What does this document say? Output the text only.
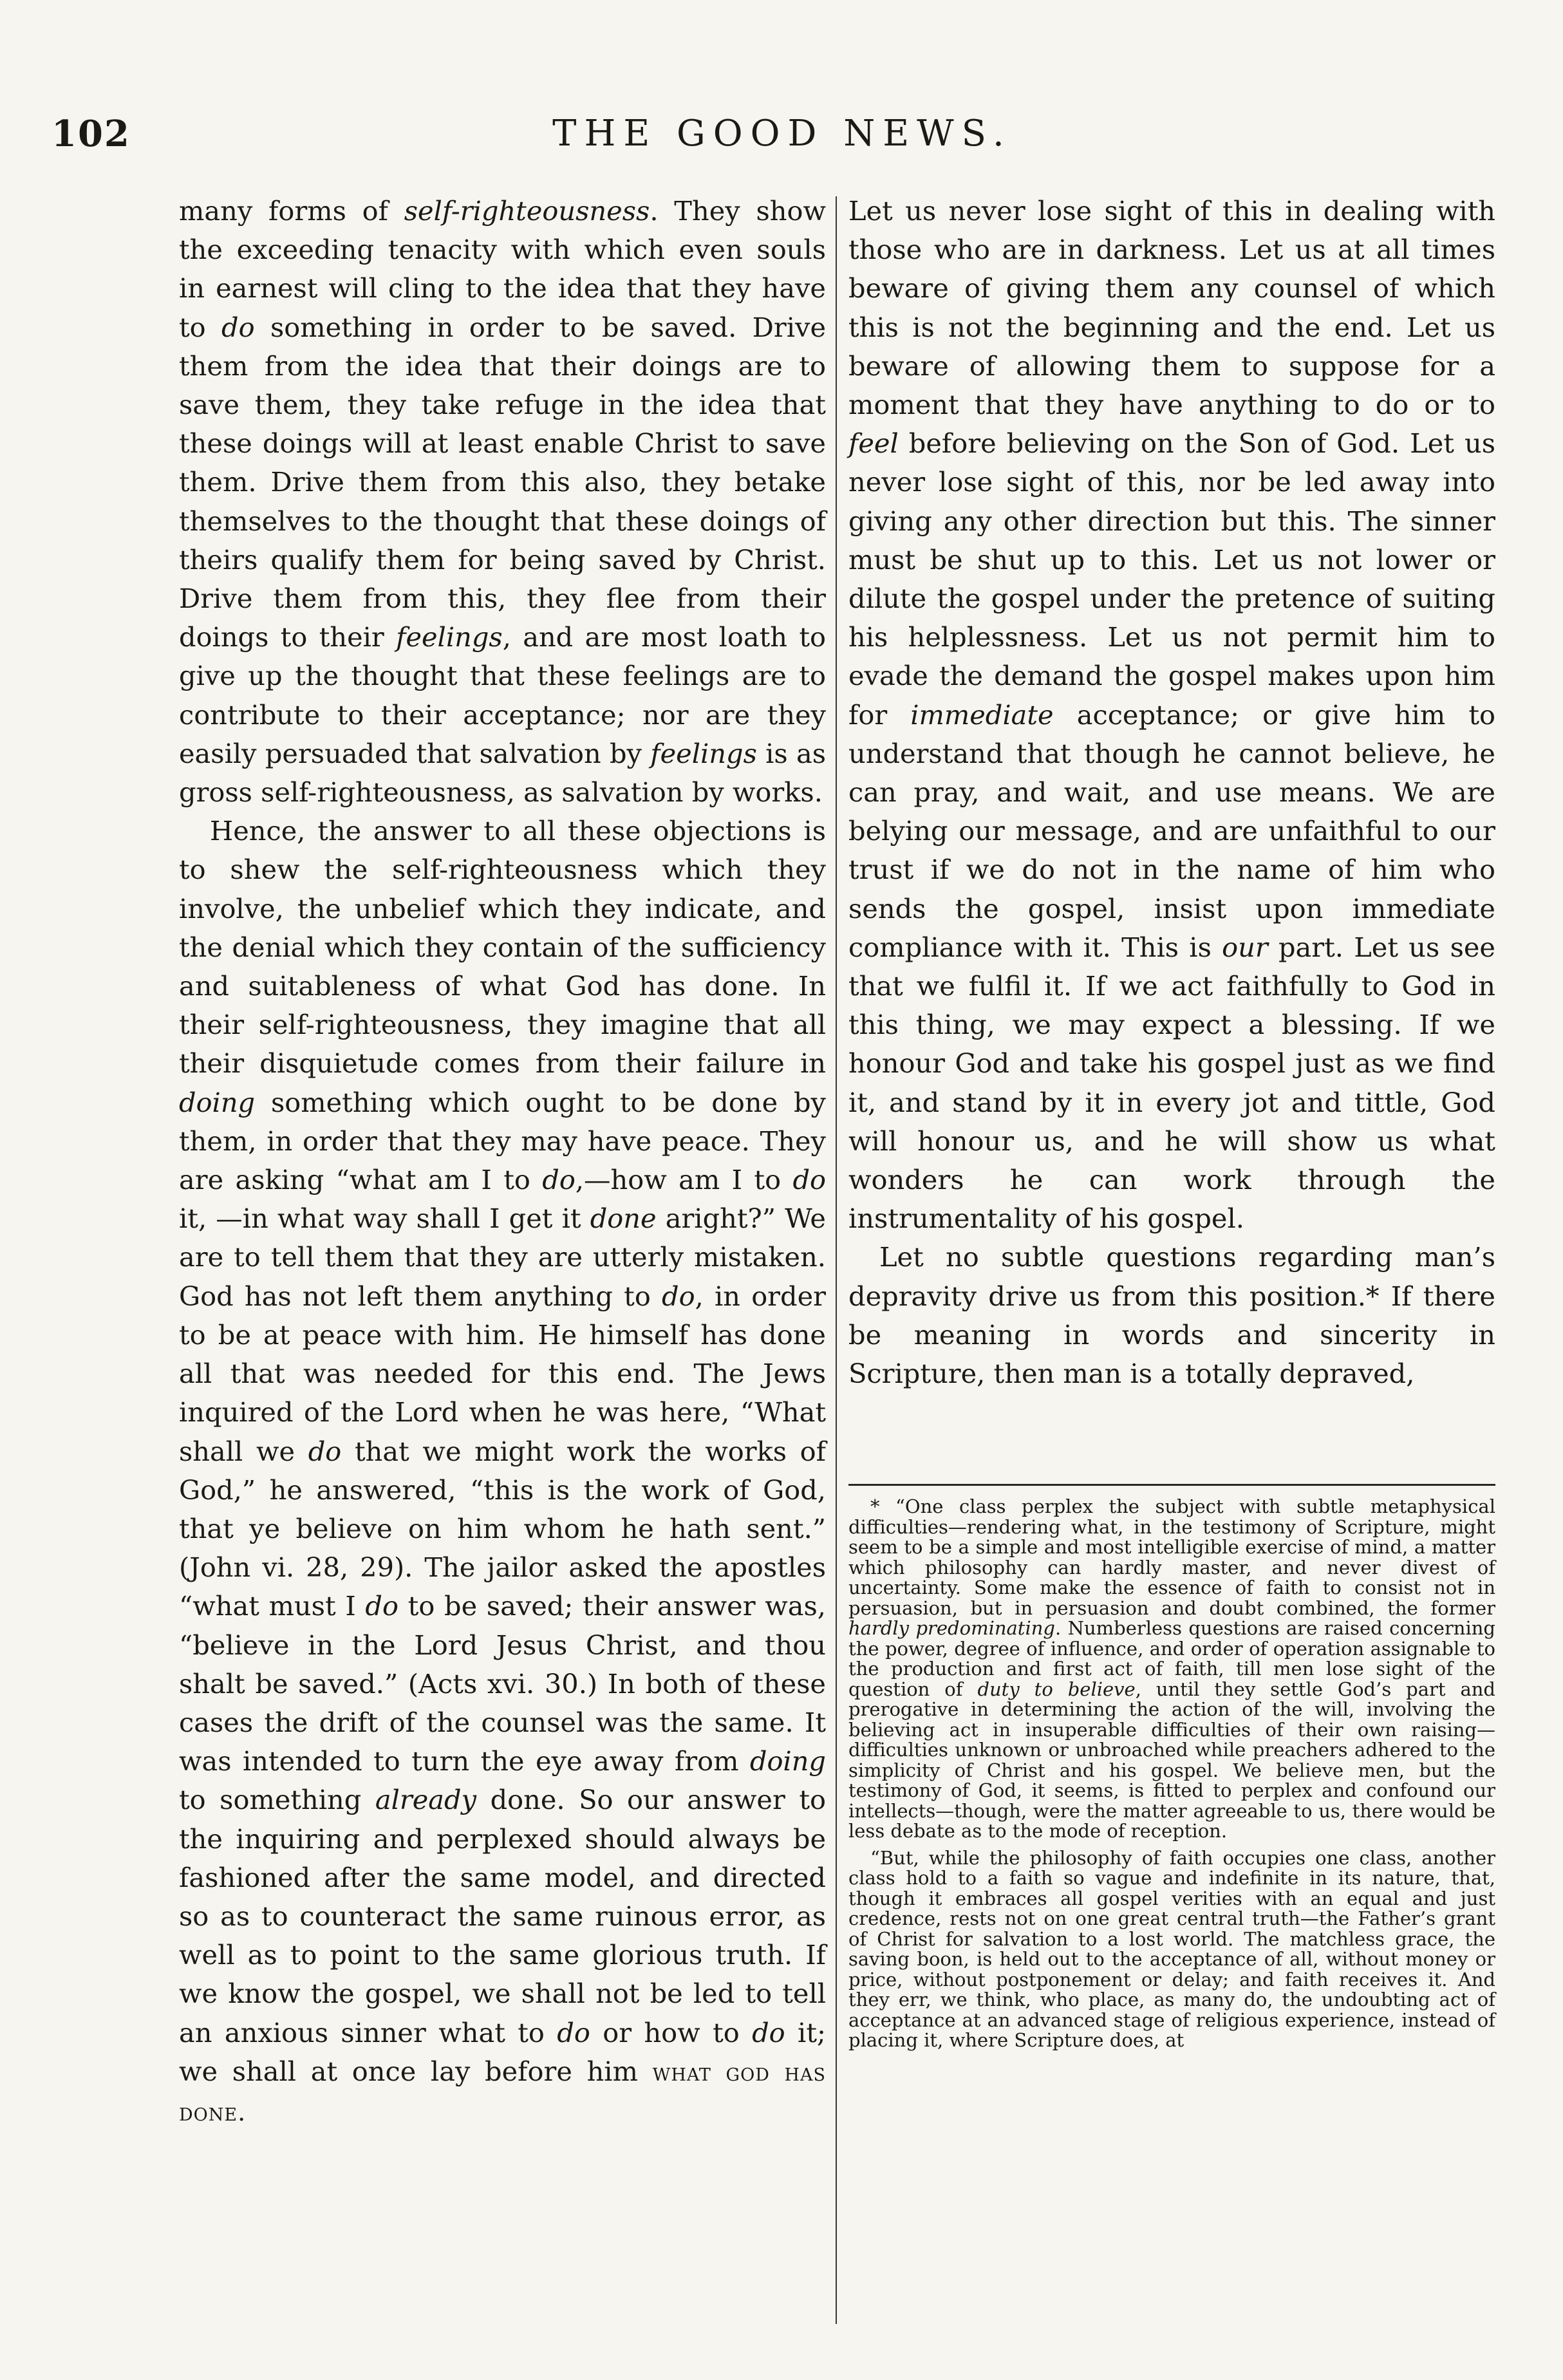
102	THE GOOD NEWS.

many forms of self-righteousness. They show the exceeding tenacity with which even souls in earnest will cling to the idea that they have to do something in order to be saved. Drive them from the idea that their doings are to save them, they take refuge in the idea that these doings will at least enable Christ to save them. Drive them from this also, they betake themselves to the thought that these doings of theirs qualify them for being saved by Christ. Drive them from this, they flee from their doings to their feelings, and are most loath to give up the thought that these feelings are to contribute to their acceptance; nor are they easily persuaded that salvation by feelings is as gross self-righteousness, as salvation by works.

Hence, the answer to all these objections is to shew the self-righteousness which they involve, the unbelief which they indicate, and the denial which they contain of the sufficiency and suitableness of what God has done. In their self-righteousness, they imagine that all their disquietude comes from their failure in doing something which ought to be done by them, in order that they may have peace. They are asking “what am I to do,—how am I to do it, —in what way shall I get it done aright?” We are to tell them that they are utterly mistaken. God has not left them anything to do, in order to be at peace with him. He himself has done all that was needed for this end. The Jews inquired of the Lord when he was here, “What shall we do that we might work the works of God,” he answered, “this is the work of God, that ye believe on him whom he hath sent.” (John vi. 28, 29). The jailor asked the apostles “what must I do to be saved; their answer was, “believe in the Lord Jesus Christ, and thou shalt be saved.” (Acts xvi. 30.) In both of these cases the drift of the counsel was the same. It was intended to turn the eye away from doing to something already done. So our answer to the inquiring and perplexed should always be fashioned after the same model, and directed so as to counteract the same ruinous error, as well as to point to the same glorious truth. If we know the gospel, we shall not be led to tell an anxious sinner what to do or how to do it; we shall at once lay before him what god has done.

Let us never lose sight of this in dealing with those who are in darkness. Let us at all times beware of giving them any counsel of which this is not the beginning and the end. Let us beware of allowing them to suppose for a moment that they have anything to do or to feel before believing on the Son of God. Let us never lose sight of this, nor be led away into giving any other direction but this. The sinner must be shut up to this. Let us not lower or dilute the gospel under the pretence of suiting his helplessness. Let us not permit him to evade the demand the gospel makes upon him for immediate acceptance; or give him to understand that though he cannot believe, he can pray, and wait, and use means. We are belying our message, and are unfaithful to our trust if we do not in the name of him who sends the gospel, insist upon immediate compliance with it. This is our part. Let us see that we fulfil it. If we act faithfully to God in this thing, we may expect a blessing. If we honour God and take his gospel just as we find it, and stand by it in every jot and tittle, God will honour us, and he will show us what wonders he can work through the instrumentality of his gospel.

Let no subtle questions regarding man’s depravity drive us from this position.* If there be meaning in words and sincerity in Scripture, then man is a totally depraved,

* “One class perplex the subject with subtle metaphysical difficulties—rendering what, in the testimony of Scripture, might seem to be a simple and most intelligible exercise of mind, a matter which philosophy can hardly master, and never divest of uncertainty. Some make the essence of faith to consist not in persuasion, but in persuasion and doubt combined, the former hardly predominating. Numberless questions are raised concerning the power, degree of influence, and order of operation assignable to the production and first act of faith, till men lose sight of the question of duty to believe, until they settle God’s part and prerogative in determining the action of the will, involving the believing act in insuperable difficulties of their own raising—difficulties unknown or unbroached while preachers adhered to the simplicity of Christ and his gospel. We believe men, but the testimony of God, it seems, is fitted to perplex and confound our intellects—though, were the matter agreeable to us, there would be less debate as to the mode of reception.

“But, while the philosophy of faith occupies one class, another class hold to a faith so vague and indefinite in its nature, that, though it embraces all gospel verities with an equal and just credence, rests not on one great central truth—the Father’s grant of Christ for salvation to a lost world. The matchless grace, the saving boon, is held out to the acceptance of all, without money or price, without postponement or delay; and faith receives it. And they err, we think, who place, as many do, the undoubting act of acceptance at an advanced stage of religious experience, instead of placing it, where Scripture does, at
